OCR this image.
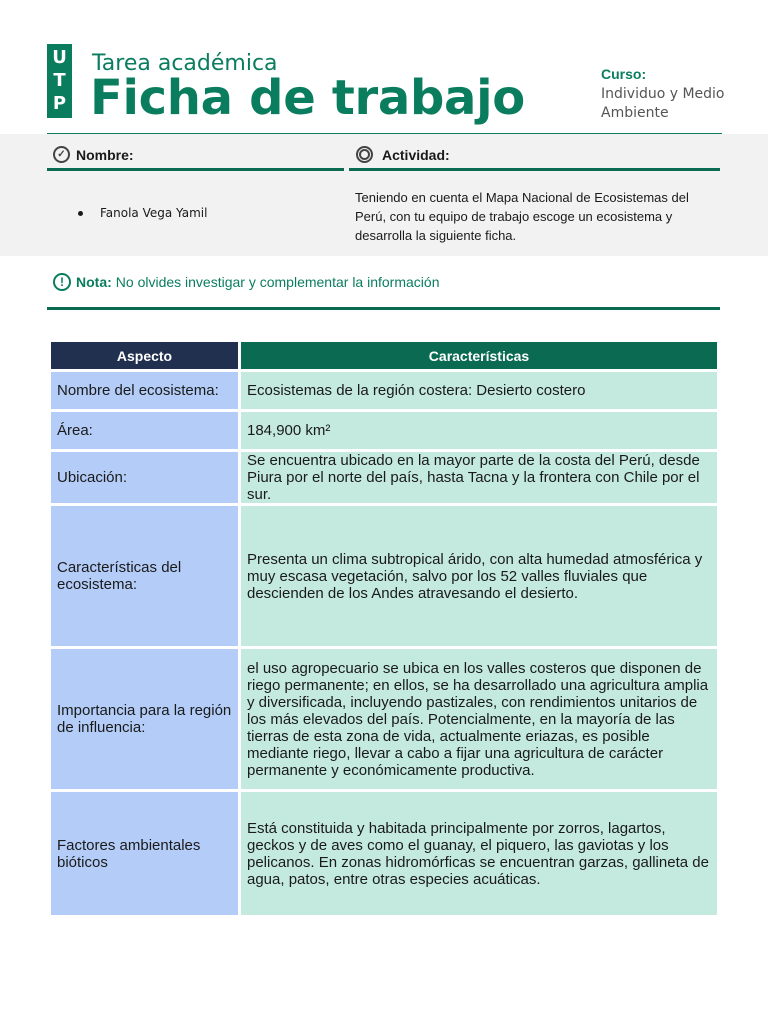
U
T
P
Tarea académica
Ficha de trabajo	Curso:
Individuo y Medio Ambiente
✓ Nombre:	Actividad:
Fanola Vega Yamil
Teniendo en cuenta el Mapa Nacional de Ecosistemas del Perú, con tu equipo de trabajo escoge un ecosistema y desarrolla la siguiente ficha.
! Nota: No olvides investigar y complementar la información
Aspecto	Características
Nombre del ecosistema:	Ecosistemas de la región costera: Desierto costero
Área:	184,900 km²
Ubicación:	Se encuentra ubicado en la mayor parte de la costa del Perú, desde Piura por el norte del país, hasta Tacna y la frontera con Chile por el sur.
Características del ecosistema:	Presenta un clima subtropical árido, con alta humedad atmosférica y muy escasa vegetación, salvo por los 52 valles fluviales que descienden de los Andes atravesando el desierto.
Importancia para la región de influencia:	el uso agropecuario se ubica en los valles costeros que disponen de riego permanente; en ellos, se ha desarrollado una agricultura amplia y diversificada, incluyendo pastizales, con rendimientos unitarios de los más elevados del país. Potencialmente, en la mayoría de las tierras de esta zona de vida, actualmente eriazas, es posible mediante riego, llevar a cabo a fijar una agricultura de carácter permanente y económicamente productiva.
Factores ambientales bióticos	Está constituida y habitada principalmente por zorros, lagartos, geckos y de aves como el guanay, el piquero, las gaviotas y los pelicanos. En zonas hidromórficas se encuentran garzas, gallineta de agua, patos, entre otras especies acuáticas.
